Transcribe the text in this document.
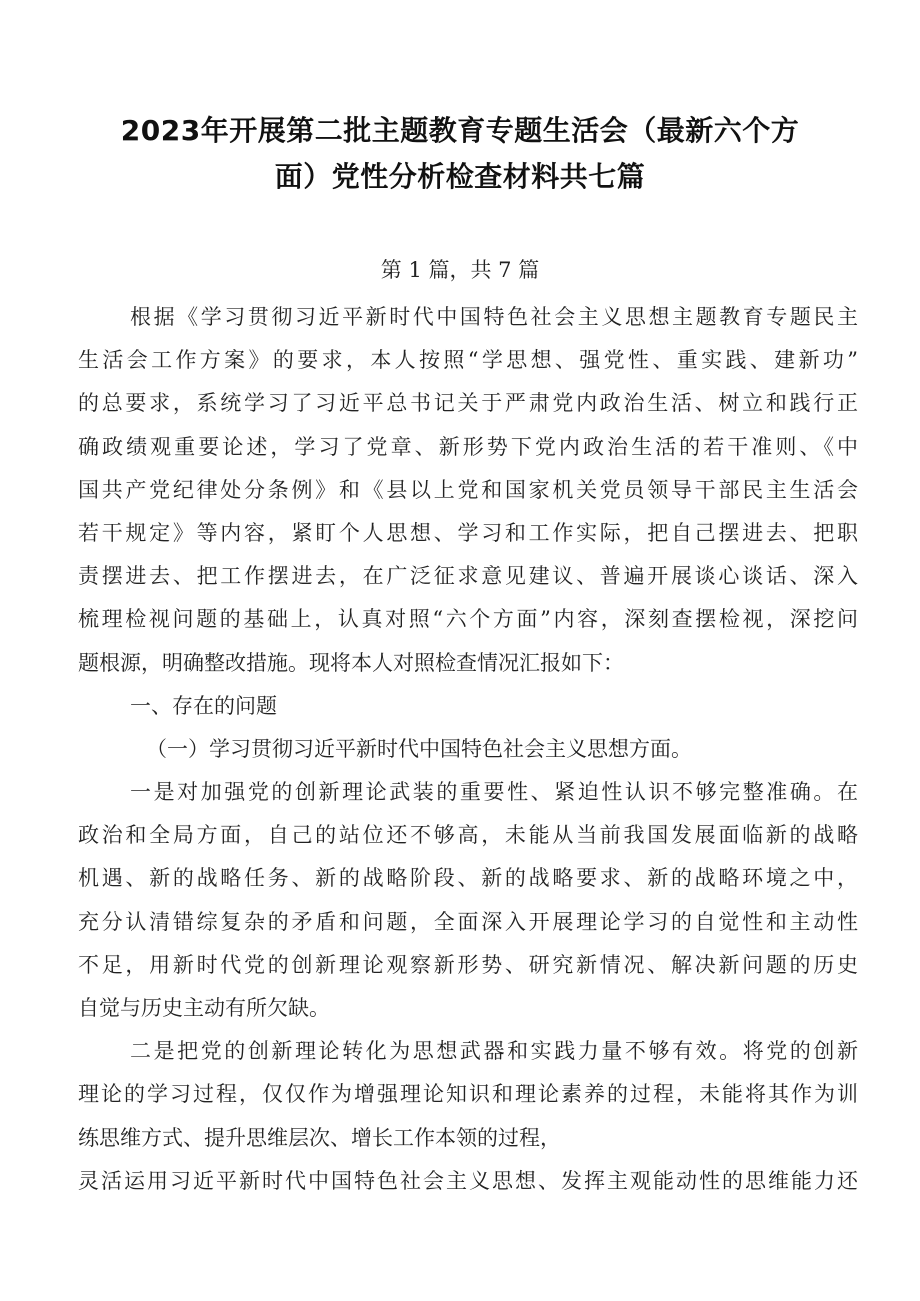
2023年开展第二批主题教育专题生活会（最新六个方
面）党性分析检查材料共七篇
第 1 篇，共 7 篇
根据《学习贯彻习近平新时代中国特色社会主义思想主题教育专题民主
生活会工作方案》的要求，本人按照“学思想、强党性、重实践、建新功”
的总要求，系统学习了习近平总书记关于严肃党内政治生活、树立和践行正
确政绩观重要论述，学习了党章、新形势下党内政治生活的若干准则、《中
国共产党纪律处分条例》和《县以上党和国家机关党员领导干部民主生活会
若干规定》等内容，紧盯个人思想、学习和工作实际，把自己摆进去、把职
责摆进去、把工作摆进去，在广泛征求意见建议、普遍开展谈心谈话、深入
梳理检视问题的基础上，认真对照“六个方面”内容，深刻查摆检视，深挖问
题根源，明确整改措施。现将本人对照检查情况汇报如下：
一、存在的问题
（一）学习贯彻习近平新时代中国特色社会主义思想方面。
一是对加强党的创新理论武装的重要性、紧迫性认识不够完整准确。在
政治和全局方面，自己的站位还不够高，未能从当前我国发展面临新的战略
机遇、新的战略任务、新的战略阶段、新的战略要求、新的战略环境之中，
充分认清错综复杂的矛盾和问题，全面深入开展理论学习的自觉性和主动性
不足，用新时代党的创新理论观察新形势、研究新情况、解决新问题的历史
自觉与历史主动有所欠缺。
二是把党的创新理论转化为思想武器和实践力量不够有效。将党的创新
理论的学习过程，仅仅作为增强理论知识和理论素养的过程，未能将其作为训
练思维方式、提升思维层次、增长工作本领的过程，
灵活运用习近平新时代中国特色社会主义思想、发挥主观能动性的思维能力还
